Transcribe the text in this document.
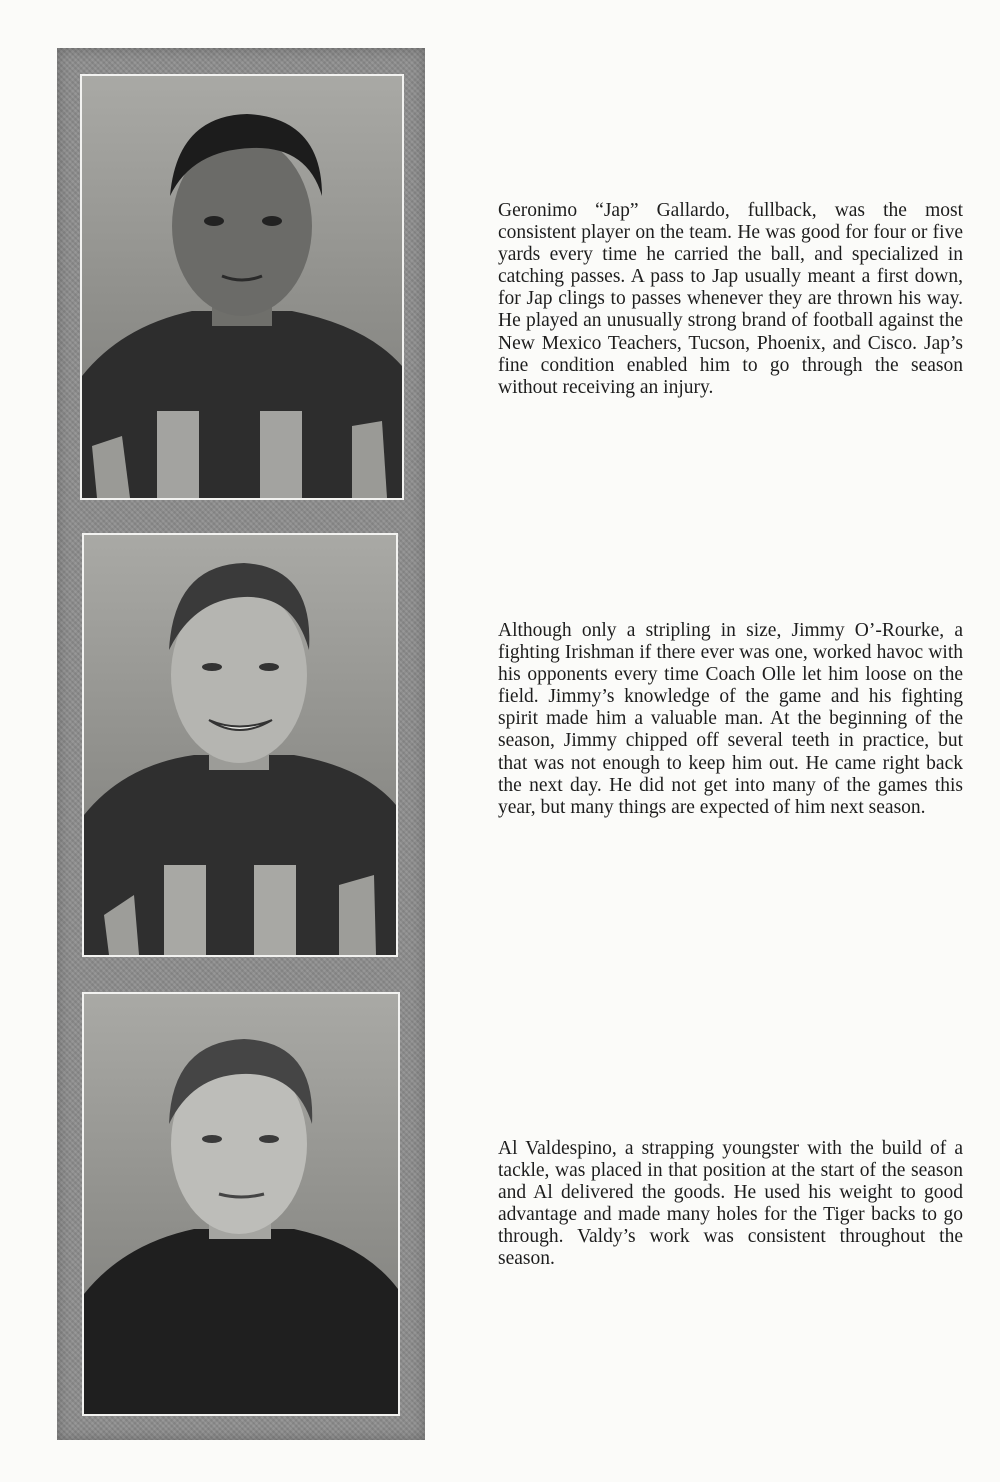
Geronimo “Jap” Gallardo, fullback, was the most consistent player on the team. He was good for four or five yards every time he carried the ball, and specialized in catching passes. A pass to Jap usually meant a first down, for Jap clings to passes whenever they are thrown his way. He played an unusually strong brand of football against the New Mexico Teachers, Tucson, Phoenix, and Cisco. Jap’s fine condition enabled him to go through the season without receiving an injury.

Although only a stripling in size, Jimmy O’-Rourke, a fighting Irishman if there ever was one, worked havoc with his opponents every time Coach Olle let him loose on the field. Jimmy’s knowledge of the game and his fighting spirit made him a valuable man. At the beginning of the season, Jimmy chipped off several teeth in practice, but that was not enough to keep him out. He came right back the next day. He did not get into many of the games this year, but many things are expected of him next season.

Al Valdespino, a strapping youngster with the build of a tackle, was placed in that position at the start of the season and Al delivered the goods. He used his weight to good advantage and made many holes for the Tiger backs to go through. Valdy’s work was consistent throughout the season.
